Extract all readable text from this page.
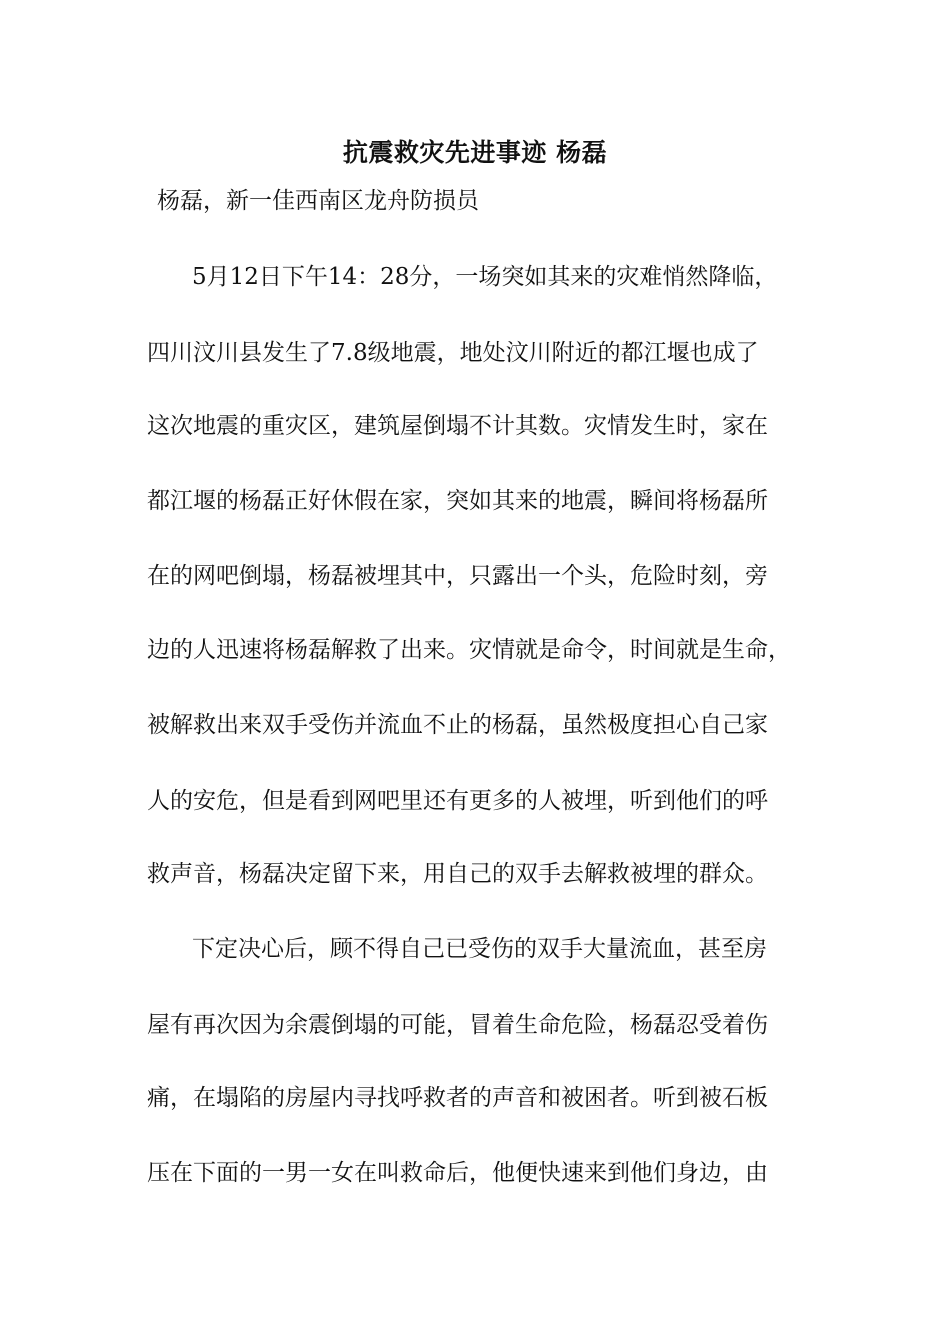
抗震救灾先进事迹 杨磊

杨磊，新一佳西南区龙舟防损员

5月12日下午14：28分，一场突如其来的灾难悄然降临，

四川汶川县发生了7.8级地震，地处汶川附近的都江堰也成了

这次地震的重灾区，建筑屋倒塌不计其数。灾情发生时，家在

都江堰的杨磊正好休假在家，突如其来的地震，瞬间将杨磊所

在的网吧倒塌，杨磊被埋其中，只露出一个头，危险时刻，旁

边的人迅速将杨磊解救了出来。灾情就是命令，时间就是生命，

被解救出来双手受伤并流血不止的杨磊，虽然极度担心自己家

人的安危，但是看到网吧里还有更多的人被埋，听到他们的呼

救声音，杨磊决定留下来，用自己的双手去解救被埋的群众。

下定决心后，顾不得自己已受伤的双手大量流血，甚至房

屋有再次因为余震倒塌的可能，冒着生命危险，杨磊忍受着伤

痛，在塌陷的房屋内寻找呼救者的声音和被困者。听到被石板

压在下面的一男一女在叫救命后，他便快速来到他们身边，由
